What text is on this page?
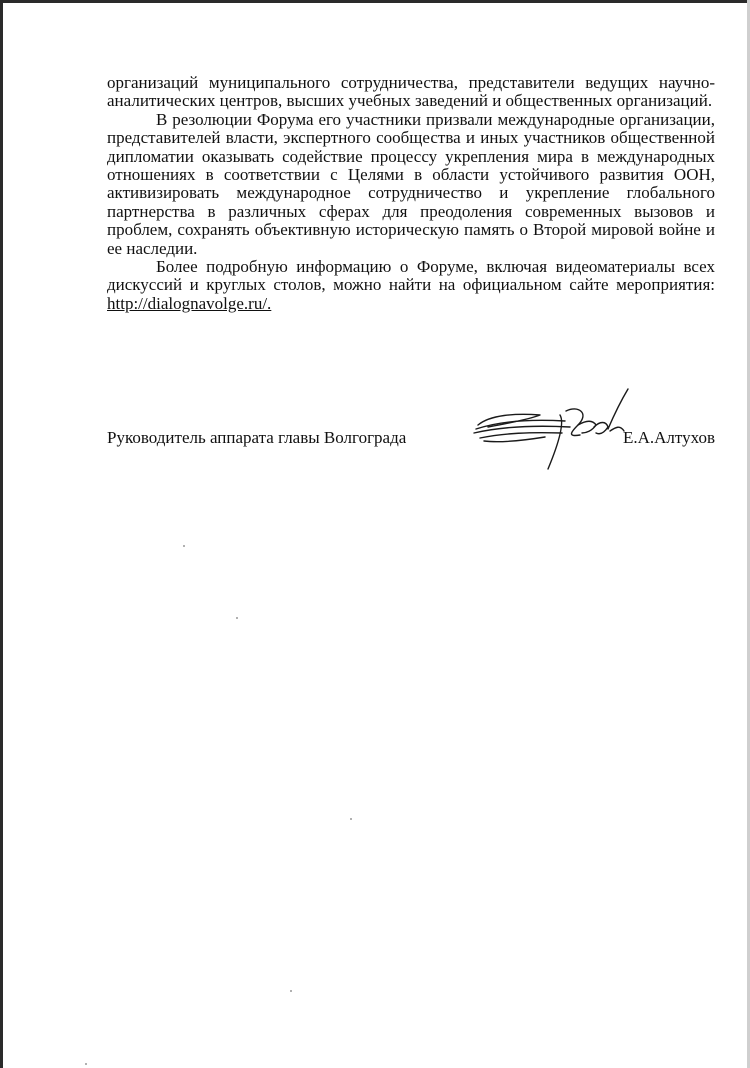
организаций муниципального сотрудничества, представители ведущих научно-аналитических центров, высших учебных заведений и общественных организаций.

В резолюции Форума его участники призвали международные организации, представителей власти, экспертного сообщества и иных участников общественной дипломатии оказывать содействие процессу укрепления мира в международных отношениях в соответствии с Целями в области устойчивого развития ООН, активизировать международное сотрудничество и укрепление глобального партнерства в различных сферах для преодоления современных вызовов и проблем, сохранять объективную историческую память о Второй мировой войне и ее наследии.

Более подробную информацию о Форуме, включая видеоматериалы всех дискуссий и круглых столов, можно найти на официальном сайте мероприятия: http://dialognavolge.ru/.

Руководитель аппарата главы Волгограда	Е.А.Алтухов
